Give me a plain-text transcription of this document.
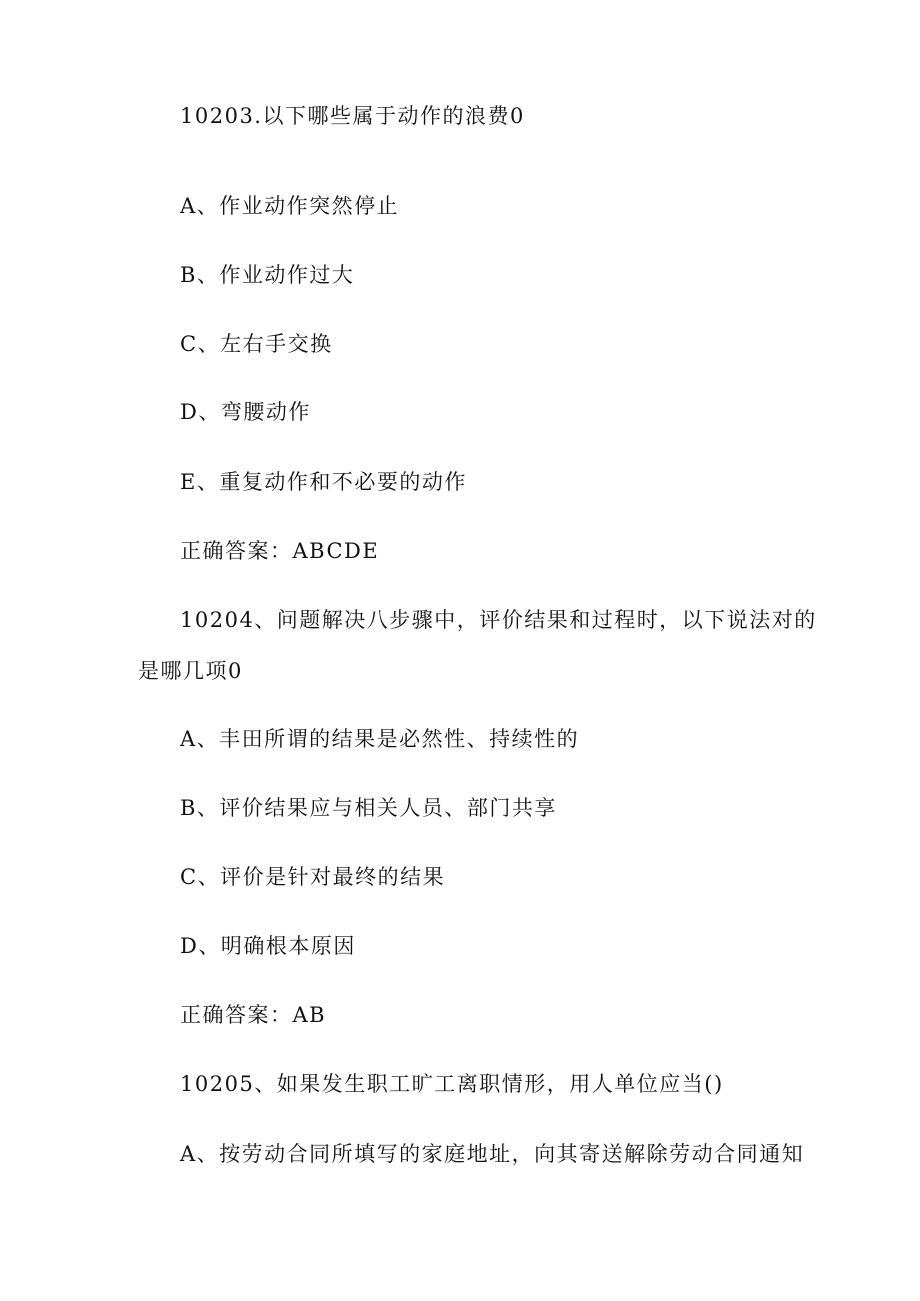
10203.以下哪些属于动作的浪费0
A、作业动作突然停止
B、作业动作过大
C、左右手交换
D、弯腰动作
E、重复动作和不必要的动作
正确答案：ABCDE
10204、问题解决八步骤中，评价结果和过程时，以下说法对的
是哪几项0
A、丰田所谓的结果是必然性、持续性的
B、评价结果应与相关人员、部门共享
C、评价是针对最终的结果
D、明确根本原因
正确答案：AB
10205、如果发生职工旷工离职情形，用人单位应当()
A、按劳动合同所填写的家庭地址，向其寄送解除劳动合同通知
